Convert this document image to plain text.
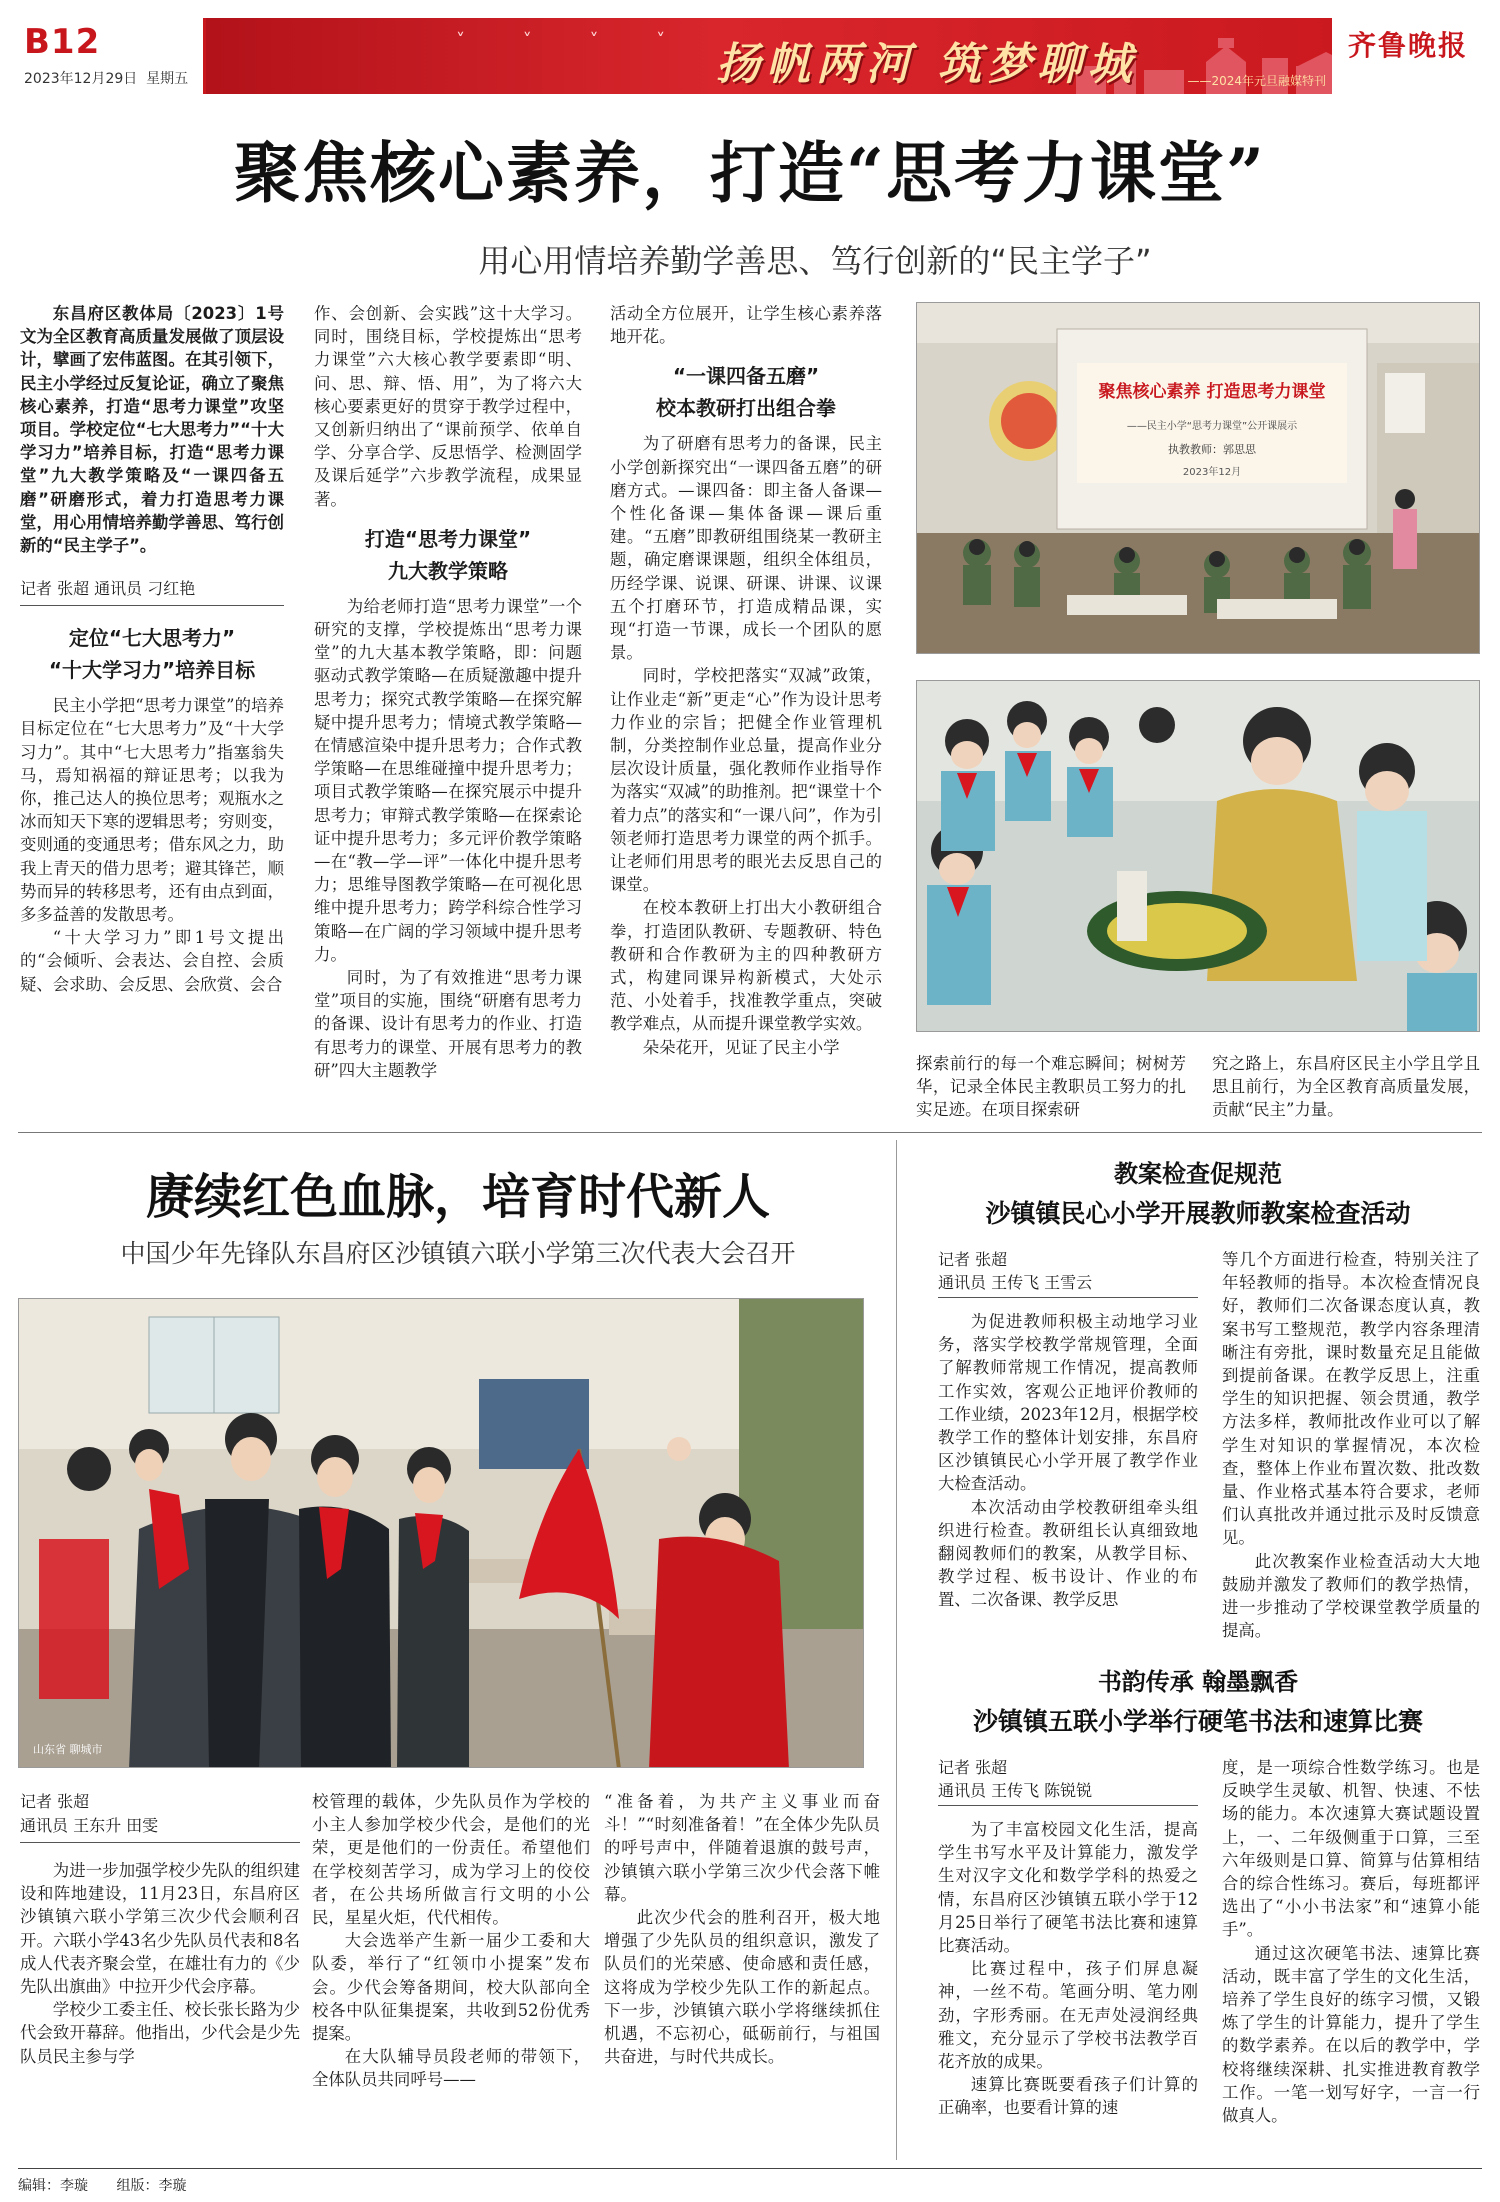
B12
2023年12月29日 星期五
˅ ˅ ˅ ˅ 扬帆两河 筑梦聊城	——2024年元旦融媒特刊
齐鲁晚报
聚焦核心素养，打造“思考力课堂”
用心用情培养勤学善思、笃行创新的“民主学子”
东昌府区教体局〔2023〕1号文为全区教育高质量发展做了顶层设计，擘画了宏伟蓝图。在其引领下，民主小学经过反复论证，确立了聚焦核心素养，打造“思考力课堂”攻坚项目。学校定位“七大思考力”“十大学习力”培养目标，打造“思考力课堂”九大教学策略及“一课四备五磨”研磨形式，着力打造思考力课堂，用心用情培养勤学善思、笃行创新的“民主学子”。
记者 张超 通讯员 刁红艳
定位“七大思考力”
“十大学习力”培养目标

民主小学把“思考力课堂”的培养目标定位在“七大思考力”及“十大学习力”。其中“七大思考力”指塞翁失马，焉知祸福的辩证思考；以我为你，推己达人的换位思考；观瓶水之冰而知天下寒的逻辑思考；穷则变，变则通的变通思考；借东风之力，助我上青天的借力思考；避其锋芒，顺势而异的转移思考，还有由点到面，多多益善的发散思考。

“十大学习力”即1号文提出的“会倾听、会表达、会自控、会质疑、会求助、会反思、会欣赏、会合

作、会创新、会实践”这十大学习。同时，围绕目标，学校提炼出“思考力课堂”六大核心教学要素即“明、问、思、辩、悟、用”，为了将六大核心要素更好的贯穿于教学过程中，又创新归纳出了“课前预学、依单自学、分享合学、反思悟学、检测固学及课后延学”六步教学流程，成果显著。

打造“思考力课堂”
九大教学策略

为给老师打造“思考力课堂”一个研究的支撑，学校提炼出“思考力课堂”的九大基本教学策略，即：问题驱动式教学策略—在质疑激趣中提升思考力；探究式教学策略—在探究解疑中提升思考力；情境式教学策略—在情感渲染中提升思考力；合作式教学策略—在思维碰撞中提升思考力；项目式教学策略—在探究展示中提升思考力；审辩式教学策略—在探索论证中提升思考力；多元评价教学策略—在“教—学—评”一体化中提升思考力；思维导图教学策略—在可视化思维中提升思考力；跨学科综合性学习策略—在广阔的学习领域中提升思考力。

同时，为了有效推进“思考力课堂”项目的实施，围绕“研磨有思考力的备课、设计有思考力的作业、打造有思考力的课堂、开展有思考力的教研”四大主题教学

活动全方位展开，让学生核心素养落地开花。

“一课四备五磨”
校本教研打出组合拳

为了研磨有思考力的备课，民主小学创新探究出“一课四备五磨”的研磨方式。—课四备：即主备人备课—个性化备课—集体备课—课后重建。“五磨”即教研组围绕某一教研主题，确定磨课课题，组织全体组员，历经学课、说课、研课、讲课、议课五个打磨环节，打造成精品课，实现“打造一节课，成长一个团队的愿景。

同时，学校把落实“双减”政策，让作业走“新”更走“心”作为设计思考力作业的宗旨；把健全作业管理机制，分类控制作业总量，提高作业分层次设计质量，强化教师作业指导作为落实“双减”的助推剂。把“课堂十个着力点”的落实和“一课八问”，作为引领老师打造思考力课堂的两个抓手。让老师们用思考的眼光去反思自己的课堂。

在校本教研上打出大小教研组合拳，打造团队教研、专题教研、特色教研和合作教研为主的四种教研方式，构建同课异构新模式，大处示范、小处着手，找准教学重点，突破教学难点，从而提升课堂教学实效。

朵朵花开，见证了民主小学

聚焦核心素养 打造思考力课堂
——民主小学“思考力课堂”公开课展示
执教教师：郭思思
2023年12月

探索前行的每一个难忘瞬间；树树芳华，记录全体民主教职员工努力的扎实足迹。在项目探索研

究之路上，东昌府区民主小学且学且思且前行，为全区教育高质量发展，贡献“民主”力量。

赓续红色血脉，培育时代新人
中国少年先锋队东昌府区沙镇镇六联小学第三次代表大会召开
山东省 聊城市
记者 张超
通讯员 王东升 田雯

为进一步加强学校少先队的组织建设和阵地建设，11月23日，东昌府区沙镇镇六联小学第三次少代会顺利召开。六联小学43名少先队员代表和8名成人代表齐聚会堂，在雄壮有力的《少先队出旗曲》中拉开少代会序幕。

学校少工委主任、校长张长路为少代会致开幕辞。他指出，少代会是少先队员民主参与学

校管理的载体，少先队员作为学校的小主人参加学校少代会，是他们的光荣，更是他们的一份责任。希望他们在学校刻苦学习，成为学习上的佼佼者，在公共场所做言行文明的小公民，星星火炬，代代相传。

大会选举产生新一届少工委和大队委，举行了“红领巾小提案”发布会。少代会筹备期间，校大队部向全校各中队征集提案，共收到52份优秀提案。

在大队辅导员段老师的带领下，全体队员共同呼号——

“准备着，为共产主义事业而奋斗！”“时刻准备着！”在全体少先队员的呼号声中，伴随着退旗的鼓号声，沙镇镇六联小学第三次少代会落下帷幕。

此次少代会的胜利召开，极大地增强了少先队员的组织意识，激发了队员们的光荣感、使命感和责任感，这将成为学校少先队工作的新起点。下一步，沙镇镇六联小学将继续抓住机遇，不忘初心，砥砺前行，与祖国共奋进，与时代共成长。

教案检查促规范
沙镇镇民心小学开展教师教案检查活动
记者 张超
通讯员 王传飞 王雪云

为促进教师积极主动地学习业务，落实学校教学常规管理，全面了解教师常规工作情况，提高教师工作实效，客观公正地评价教师的工作业绩，2023年12月，根据学校教学工作的整体计划安排，东昌府区沙镇镇民心小学开展了教学作业大检查活动。

本次活动由学校教研组牵头组织进行检查。教研组长认真细致地翻阅教师们的教案，从教学目标、教学过程、板书设计、作业的布置、二次备课、教学反思

等几个方面进行检查，特别关注了年轻教师的指导。本次检查情况良好，教师们二次备课态度认真，教案书写工整规范，教学内容条理清晰注有旁批，课时数量充足且能做到提前备课。在教学反思上，注重学生的知识把握、领会贯通，教学方法多样，教师批改作业可以了解学生对知识的掌握情况，本次检查，整体上作业布置次数、批改数量、作业格式基本符合要求，老师们认真批改并通过批示及时反馈意见。

此次教案作业检查活动大大地鼓励并激发了教师们的教学热情，进一步推动了学校课堂教学质量的提高。

书韵传承 翰墨飘香
沙镇镇五联小学举行硬笔书法和速算比赛
记者 张超
通讯员 王传飞 陈锐锐

为了丰富校园文化生活，提高学生书写水平及计算能力，激发学生对汉字文化和数学学科的热爱之情，东昌府区沙镇镇五联小学于12月25日举行了硬笔书法比赛和速算比赛活动。

比赛过程中，孩子们屏息凝神，一丝不苟。笔画分明、笔力刚劲，字形秀丽。在无声处浸润经典雅文，充分显示了学校书法教学百花齐放的成果。

速算比赛既要看孩子们计算的正确率，也要看计算的速

度，是一项综合性数学练习。也是反映学生灵敏、机智、快速、不怯场的能力。本次速算大赛试题设置上，一、二年级侧重于口算，三至六年级则是口算、简算与估算相结合的综合性练习。赛后，每班都评选出了“小小书法家”和“速算小能手”。

通过这次硬笔书法、速算比赛活动，既丰富了学生的文化生活，培养了学生良好的练字习惯，又锻炼了学生的计算能力，提升了学生的数学素养。在以后的教学中，学校将继续深耕、扎实推进教育教学工作。一笔一划写好字，一言一行做真人。

编辑：李璇 组版：李璇
